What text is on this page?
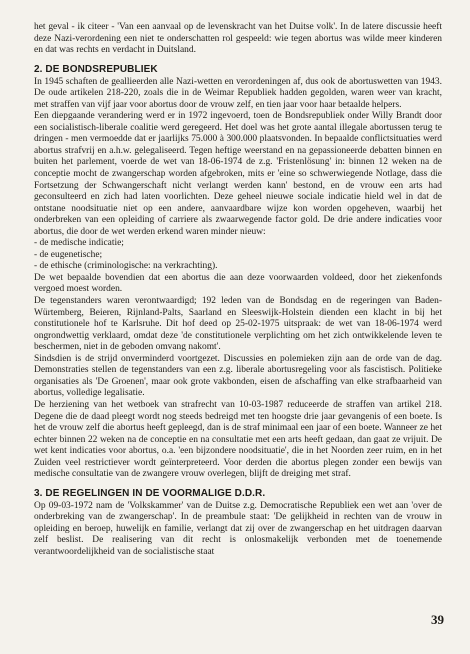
het geval - ik citeer - 'Van een aanvaal op de levenskracht van het Duitse volk'. In de latere discussie heeft deze Nazi-verordening een niet te onderschatten rol gespeeld: wie tegen abortus was wilde meer kinderen en dat was rechts en verdacht in Duitsland.

2. DE BONDSREPUBLIEK

In 1945 schaften de geallieerden alle Nazi-wetten en verordeningen af, dus ook de abortuswetten van 1943. De oude artikelen 218-220, zoals die in de Weimar Republiek hadden gegolden, waren weer van kracht, met straffen van vijf jaar voor abortus door de vrouw zelf, en tien jaar voor haar betaalde helpers.

Een diepgaande verandering werd er in 1972 ingevoerd, toen de Bondsrepubliek onder Willy Brandt door een socialistisch-liberale coalitie werd geregeerd. Het doel was het grote aantal illegale abortussen terug te dringen - men vermoedde dat er jaarlijks 75.000 à 300.000 plaatsvonden. In bepaalde conflictsituaties werd abortus strafvrij en a.h.w. gelegaliseerd. Tegen heftige weerstand en na gepassioneerde debatten binnen en buiten het parlement, voerde de wet van 18-06-1974 de z.g. 'Fristenlösung' in: binnen 12 weken na de conceptie mocht de zwangerschap worden afgebroken, mits er 'eine so schwerwiegende Notlage, dass die Fortsetzung der Schwangerschaft nicht verlangt werden kann' bestond, en de vrouw een arts had geconsulteerd en zich had laten voorlichten. Deze geheel nieuwe sociale indicatie hield wel in dat de ontstane noodsituatie niet op een andere, aanvaardbare wijze kon worden opgeheven, waarbij het onderbreken van een opleiding of carriere als zwaarwegende factor gold. De drie andere indicaties voor abortus, die door de wet werden erkend waren minder nieuw:

- de medische indicatie;
- de eugenetische;
- de ethische (criminologische: na verkrachting).

De wet bepaalde bovendien dat een abortus die aan deze voorwaarden voldeed, door het ziekenfonds vergoed moest worden.

De tegenstanders waren verontwaardigd; 192 leden van de Bondsdag en de regeringen van Baden-Würtemberg, Beieren, Rijnland-Palts, Saarland en Sleeswijk-Holstein dienden een klacht in bij het constitutionele hof te Karlsruhe. Dit hof deed op 25-02-1975 uitspraak: de wet van 18-06-1974 werd ongrondwettig verklaard, omdat deze 'de constitutionele verplichting om het zich ontwikkelende leven te beschermen, niet in de geboden omvang nakomt'.

Sindsdien is de strijd onverminderd voortgezet. Discussies en polemieken zijn aan de orde van de dag. Demonstraties stellen de tegenstanders van een z.g. liberale abortusregeling voor als fascistisch. Politieke organisaties als 'De Groenen', maar ook grote vakbonden, eisen de afschaffing van elke strafbaarheid van abortus, volledige legalisatie.

De herziening van het wetboek van strafrecht van 10-03-1987 reduceerde de straffen van artikel 218. Degene die de daad pleegt wordt nog steeds bedreigd met ten hoogste drie jaar gevangenis of een boete. Is het de vrouw zelf die abortus heeft gepleegd, dan is de straf minimaal een jaar of een boete. Wanneer ze het echter binnen 22 weken na de conceptie en na consultatie met een arts heeft gedaan, dan gaat ze vrijuit. De wet kent indicaties voor abortus, o.a. 'een bijzondere noodsituatie', die in het Noorden zeer ruim, en in het Zuiden veel restrictiever wordt geïnterpreteerd. Voor derden die abortus plegen zonder een bewijs van medische consultatie van de zwangere vrouw overlegen, blijft de dreiging met straf.

3. DE REGELINGEN IN DE VOORMALIGE D.D.R.

Op 09-03-1972 nam de 'Volkskammer' van de Duitse z.g. Democratische Republiek een wet aan 'over de onderbreking van de zwangerschap'. In de preambule staat: 'De gelijkheid in rechten van de vrouw in opleiding en beroep, huwelijk en familie, verlangt dat zij over de zwangerschap en het uitdragen daarvan zelf beslist. De realisering van dit recht is onlosmakelijk verbonden met de toenemende verantwoordelijkheid van de socialistische staat

39
